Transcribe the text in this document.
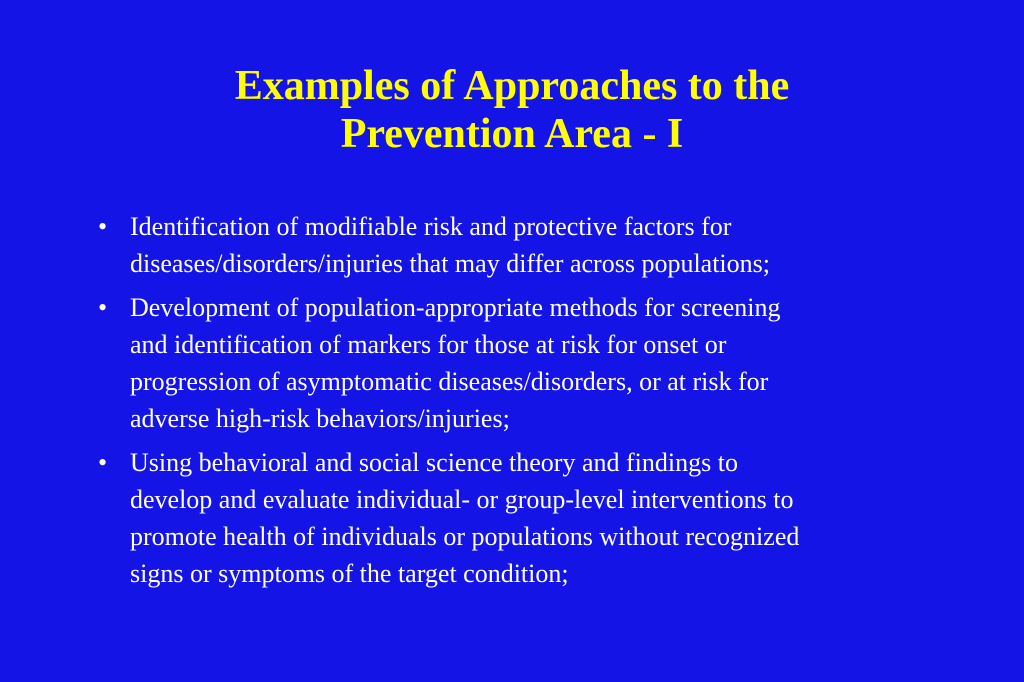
Examples of Approaches to the
Prevention Area - I
• Identification of modifiable risk and protective factors for
diseases/disorders/injuries that may differ across populations;
• Development of population-appropriate methods for screening
and identification of markers for those at risk for onset or
progression of asymptomatic diseases/disorders, or at risk for
adverse high-risk behaviors/injuries;
• Using behavioral and social science theory and findings to
develop and evaluate individual- or group-level interventions to
promote health of individuals or populations without recognized
signs or symptoms of the target condition;
